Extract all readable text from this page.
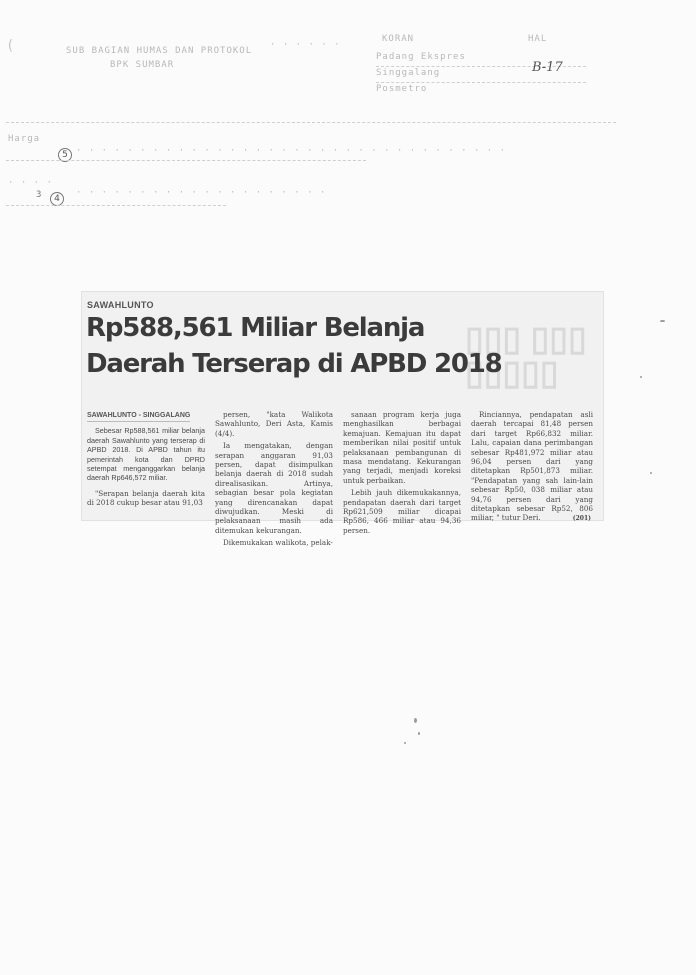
(	SUB BAGIAN HUMAS DAN PROTOKOL
BPK SUMBAR
· · · · · ·
KORAN	HAL
Padang Ekspres
Singgalang
Posmetro
B-17
Harga
5 · · · · · · · · · · · · · · · · · · · · · · · · · · · · · · · · · ·
· · · ·
3	4
· · · · · · · · · · · · · · · · · · · ·
▯▯▯ ▯▯▯
▯▯▯▯▯
SAWAHLUNTO
Rp588,561 Miliar Belanja
Daerah Terserap di APBD 2018
SAWAHLUNTO - SINGGALANG

Sebesar Rp588,561 miliar belanja daerah Sawahlunto yang terserap di APBD 2018. Di APBD tahun itu pemerintah kota dan DPRD setempat menganggarkan belanja daerah Rp646,572 miliar.

"Serapan belanja daerah kita di 2018 cukup besar atau 91,03

persen, "kata Walikota Sawahlunto, Deri Asta, Kamis (4/4).

Ia mengatakan, dengan serapan anggaran 91,03 persen, dapat disimpulkan belanja daerah di 2018 sudah direalisasikan. Artinya, sebagian besar pola kegiatan yang direncanakan dapat diwujudkan. Meski di pelaksanaan masih ada ditemukan kekurangan.

Dikemukakan walikota, pelak-

sanaan program kerja juga menghasilkan berbagai kemajuan. Kemajuan itu dapat memberikan nilai positif untuk pelaksanaan pembangunan di masa mendatang. Kekurangan yang terjadi, menjadi koreksi untuk perbaikan.

Lebih jauh dikemukakannya, pendapatan daerah dari target Rp621,509 miliar dicapai Rp586, 466 miliar atau 94,36 persen.

Rinciannya, pendapatan asli daerah tercapai 81,48 persen dari target Rp66,832 miliar. Lalu, capaian dana perimbangan sebesar Rp481,972 miliar atau 96,04 persen dari yang ditetapkan Rp501,873 miliar. "Pendapatan yang sah lain-lain sebesar Rp50, 038 miliar atau 94,76 persen dari yang ditetapkan sebesar Rp52, 806 miliar, " tutur Deri.	(201)
